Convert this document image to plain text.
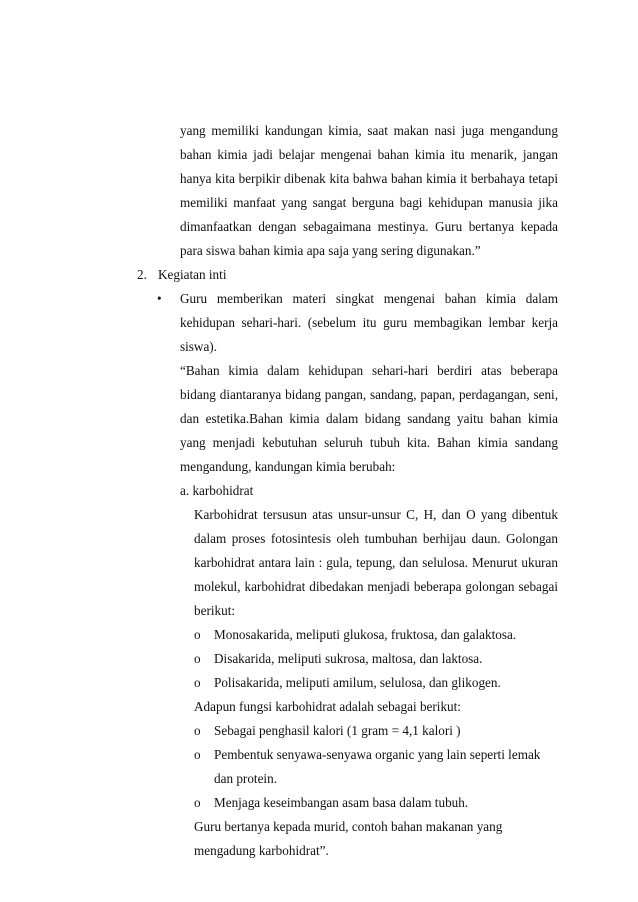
yang memiliki kandungan kimia, saat makan nasi juga mengandung
bahan kimia jadi belajar mengenai bahan kimia itu menarik, jangan
hanya kita berpikir dibenak kita bahwa bahan kimia it berbahaya tetapi
memiliki manfaat yang sangat berguna bagi kehidupan manusia jika
dimanfaatkan dengan sebagaimana mestinya. Guru bertanya kepada
para siswa bahan kimia apa saja yang sering digunakan.”
2. Kegiatan inti
• Guru memberikan materi singkat mengenai bahan kimia dalam
kehidupan sehari-hari. (sebelum itu guru membagikan lembar kerja
siswa).
“Bahan kimia dalam kehidupan sehari-hari berdiri atas beberapa
bidang diantaranya bidang pangan, sandang, papan, perdagangan, seni,
dan estetika.Bahan kimia dalam bidang sandang yaitu bahan kimia
yang menjadi kebutuhan seluruh tubuh kita. Bahan kimia sandang
mengandung, kandungan kimia berubah:
a. karbohidrat
Karbohidrat tersusun atas unsur-unsur C, H, dan O yang dibentuk
dalam proses fotosintesis oleh tumbuhan berhijau daun. Golongan
karbohidrat antara lain : gula, tepung, dan selulosa. Menurut ukuran
molekul, karbohidrat dibedakan menjadi beberapa golongan sebagai
berikut:
o Monosakarida, meliputi glukosa, fruktosa, dan galaktosa.
o Disakarida, meliputi sukrosa, maltosa, dan laktosa.
o Polisakarida, meliputi amilum, selulosa, dan glikogen.
Adapun fungsi karbohidrat adalah sebagai berikut:
o Sebagai penghasil kalori (1 gram = 4,1 kalori )
o Pembentuk senyawa-senyawa organic yang lain seperti lemak
dan protein.
o Menjaga keseimbangan asam basa dalam tubuh.
Guru bertanya kepada murid, contoh bahan makanan yang
mengadung karbohidrat”.
